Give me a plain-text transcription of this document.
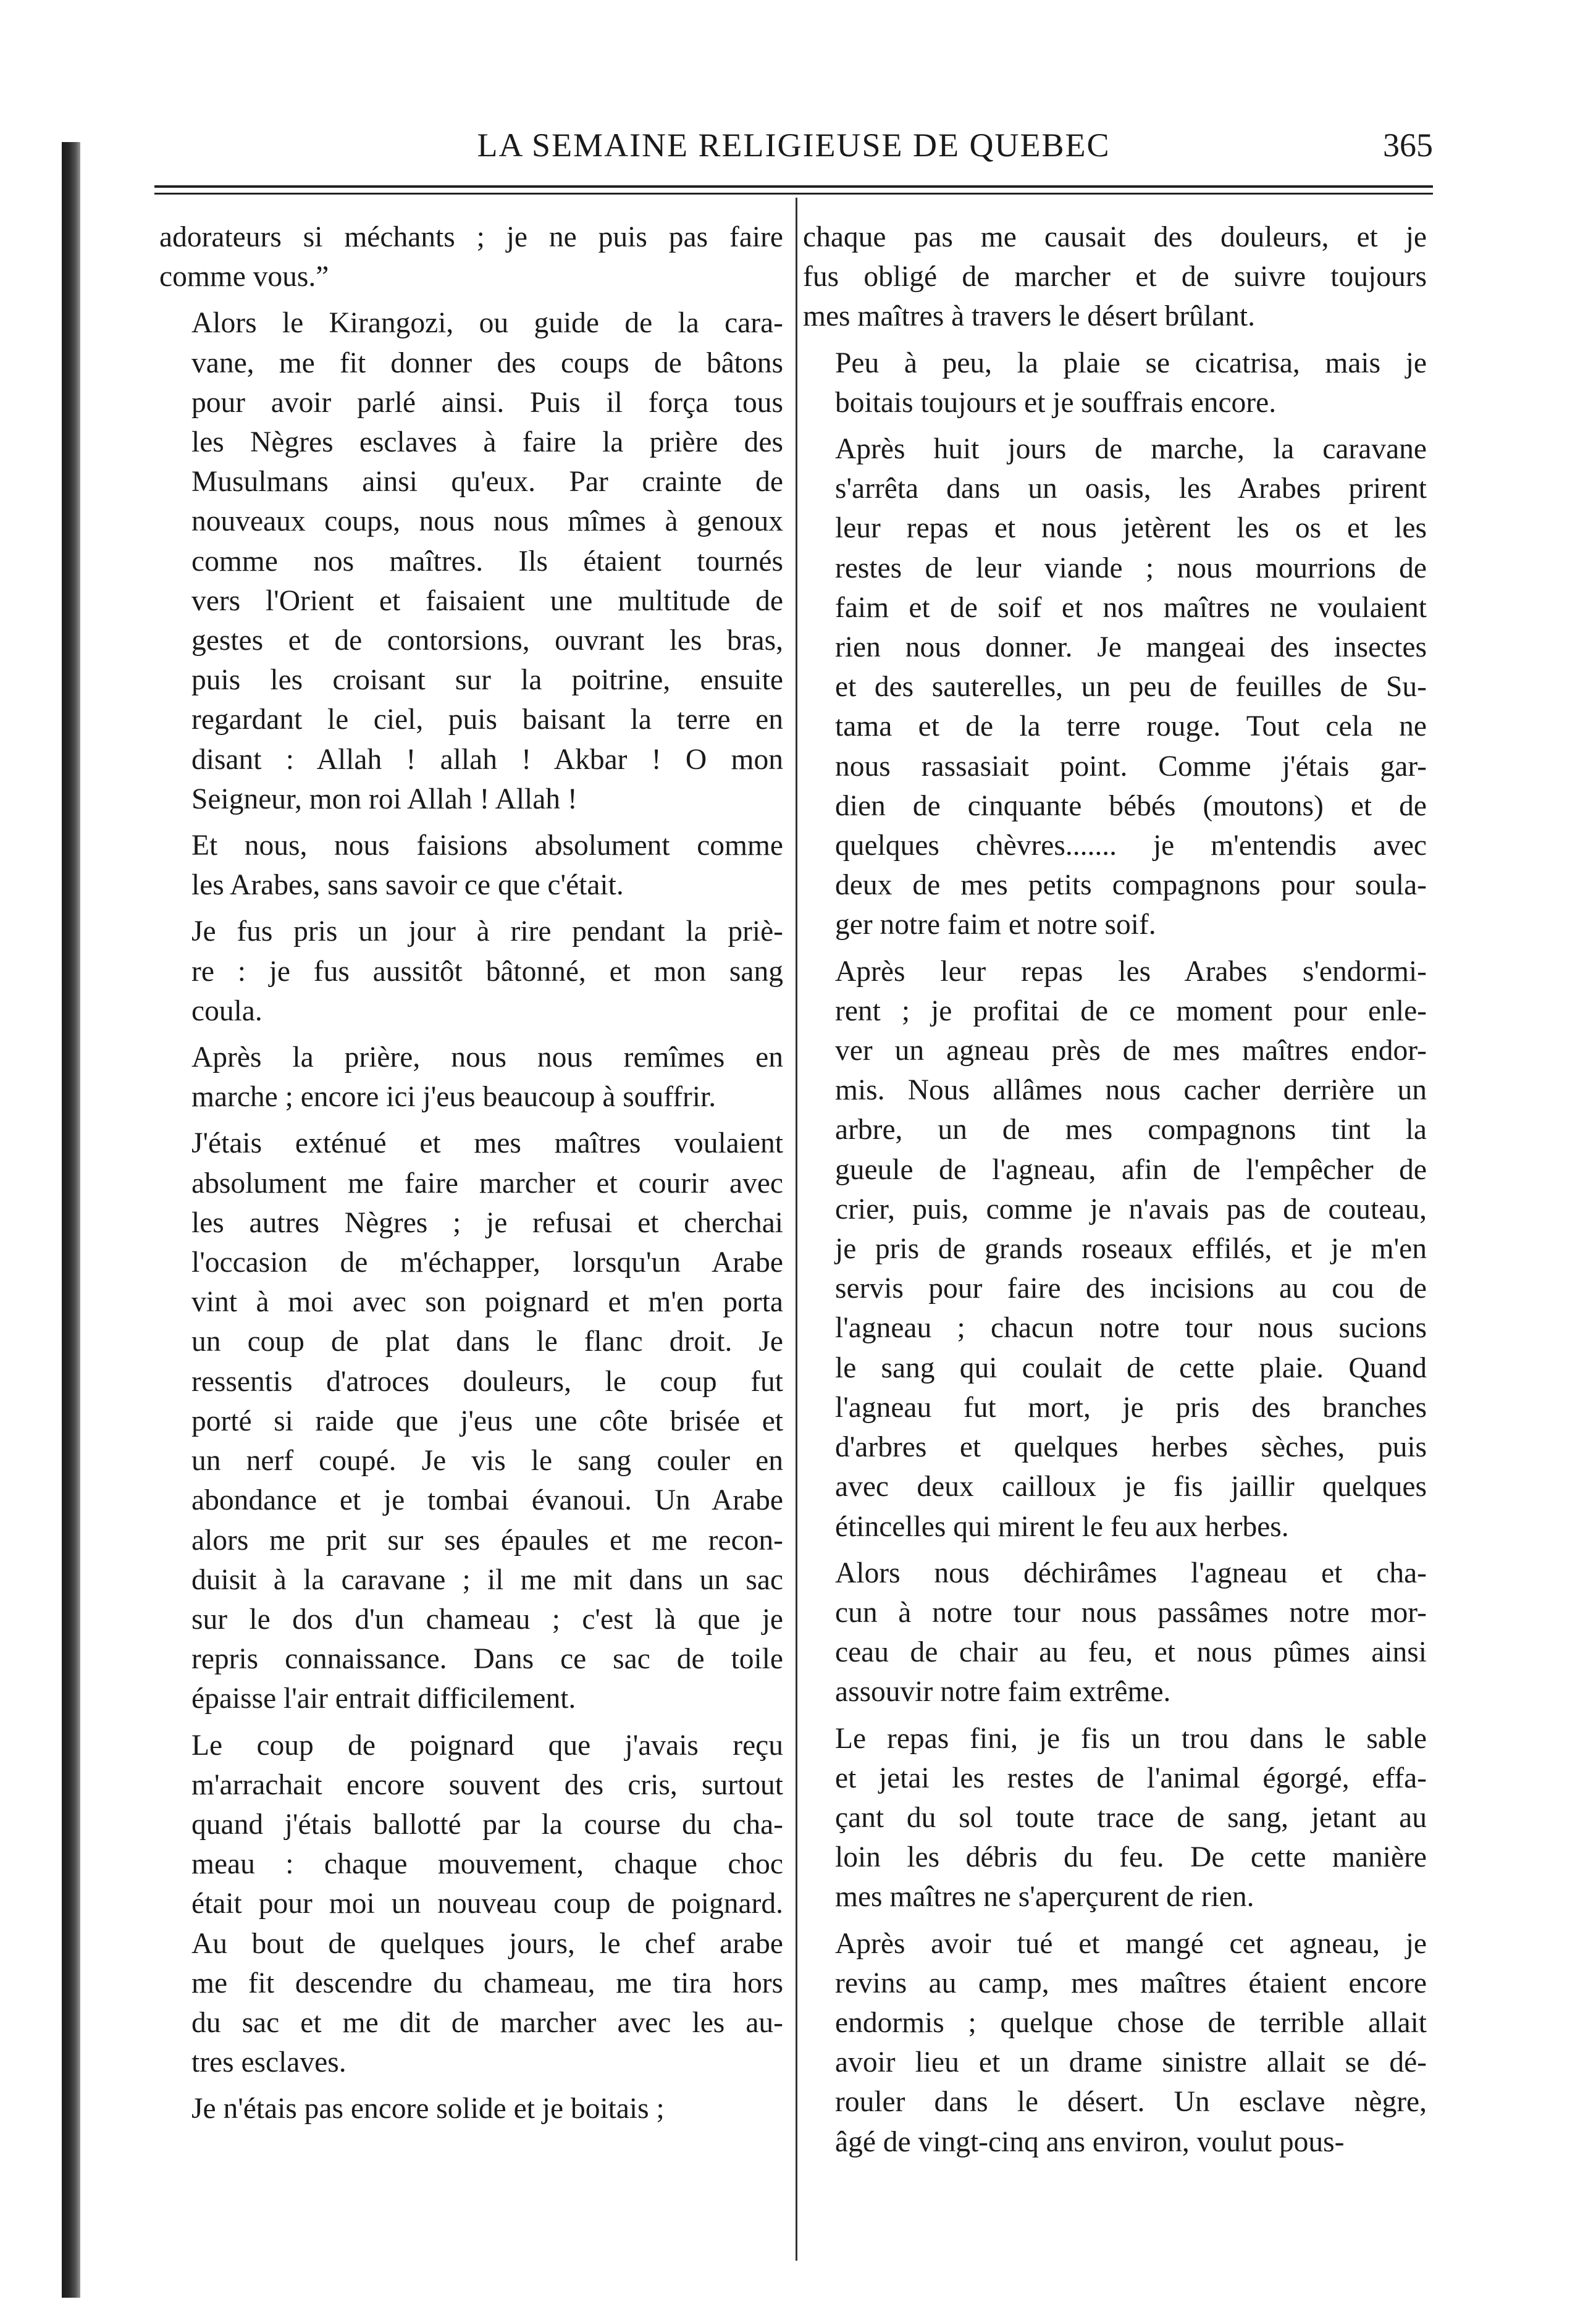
LA SEMAINE RELIGIEUSE DE QUEBEC	365

adorateurs si méchants ; je ne puis pas faire
comme vous.”

Alors le Kirangozi, ou guide de la cara-
vane, me fit donner des coups de bâtons
pour avoir parlé ainsi. Puis il força tous
les Nègres esclaves à faire la prière des
Musulmans ainsi qu'eux. Par crainte de
nouveaux coups, nous nous mîmes à genoux
comme nos maîtres. Ils étaient tournés
vers l'Orient et faisaient une multitude de
gestes et de contorsions, ouvrant les bras,
puis les croisant sur la poitrine, ensuite
regardant le ciel, puis baisant la terre en
disant : Allah ! allah ! Akbar ! O mon
Seigneur, mon roi Allah ! Allah !

Et nous, nous faisions absolument comme
les Arabes, sans savoir ce que c'était.

Je fus pris un jour à rire pendant la priè-
re : je fus aussitôt bâtonné, et mon sang
coula.

Après la prière, nous nous remîmes en
marche ; encore ici j'eus beaucoup à souffrir.

J'étais exténué et mes maîtres voulaient
absolument me faire marcher et courir avec
les autres Nègres ; je refusai et cherchai
l'occasion de m'échapper, lorsqu'un Arabe
vint à moi avec son poignard et m'en porta
un coup de plat dans le flanc droit. Je
ressentis d'atroces douleurs, le coup fut
porté si raide que j'eus une côte brisée et
un nerf coupé. Je vis le sang couler en
abondance et je tombai évanoui. Un Arabe
alors me prit sur ses épaules et me recon-
duisit à la caravane ; il me mit dans un sac
sur le dos d'un chameau ; c'est là que je
repris connaissance. Dans ce sac de toile
épaisse l'air entrait difficilement.

Le coup de poignard que j'avais reçu
m'arrachait encore souvent des cris, surtout
quand j'étais ballotté par la course du cha-
meau : chaque mouvement, chaque choc
était pour moi un nouveau coup de poignard.
Au bout de quelques jours, le chef arabe
me fit descendre du chameau, me tira hors
du sac et me dit de marcher avec les au-
tres esclaves.

Je n'étais pas encore solide et je boitais ;

chaque pas me causait des douleurs, et je
fus obligé de marcher et de suivre toujours
mes maîtres à travers le désert brûlant.

Peu à peu, la plaie se cicatrisa, mais je
boitais toujours et je souffrais encore.

Après huit jours de marche, la caravane
s'arrêta dans un oasis, les Arabes prirent
leur repas et nous jetèrent les os et les
restes de leur viande ; nous mourrions de
faim et de soif et nos maîtres ne voulaient
rien nous donner. Je mangeai des insectes
et des sauterelles, un peu de feuilles de Su-
tama et de la terre rouge. Tout cela ne
nous rassasiait point. Comme j'étais gar-
dien de cinquante bébés (moutons) et de
quelques chèvres....... je m'entendis avec
deux de mes petits compagnons pour soula-
ger notre faim et notre soif.

Après leur repas les Arabes s'endormi-
rent ; je profitai de ce moment pour enle-
ver un agneau près de mes maîtres endor-
mis. Nous allâmes nous cacher derrière un
arbre, un de mes compagnons tint la
gueule de l'agneau, afin de l'empêcher de
crier, puis, comme je n'avais pas de couteau,
je pris de grands roseaux effilés, et je m'en
servis pour faire des incisions au cou de
l'agneau ; chacun notre tour nous sucions
le sang qui coulait de cette plaie. Quand
l'agneau fut mort, je pris des branches
d'arbres et quelques herbes sèches, puis
avec deux cailloux je fis jaillir quelques
étincelles qui mirent le feu aux herbes.

Alors nous déchirâmes l'agneau et cha-
cun à notre tour nous passâmes notre mor-
ceau de chair au feu, et nous pûmes ainsi
assouvir notre faim extrême.

Le repas fini, je fis un trou dans le sable
et jetai les restes de l'animal égorgé, effa-
çant du sol toute trace de sang, jetant au
loin les débris du feu. De cette manière
mes maîtres ne s'aperçurent de rien.

Après avoir tué et mangé cet agneau, je
revins au camp, mes maîtres étaient encore
endormis ; quelque chose de terrible allait
avoir lieu et un drame sinistre allait se dé-
rouler dans le désert. Un esclave nègre,
âgé de vingt-cinq ans environ, voulut pous-
